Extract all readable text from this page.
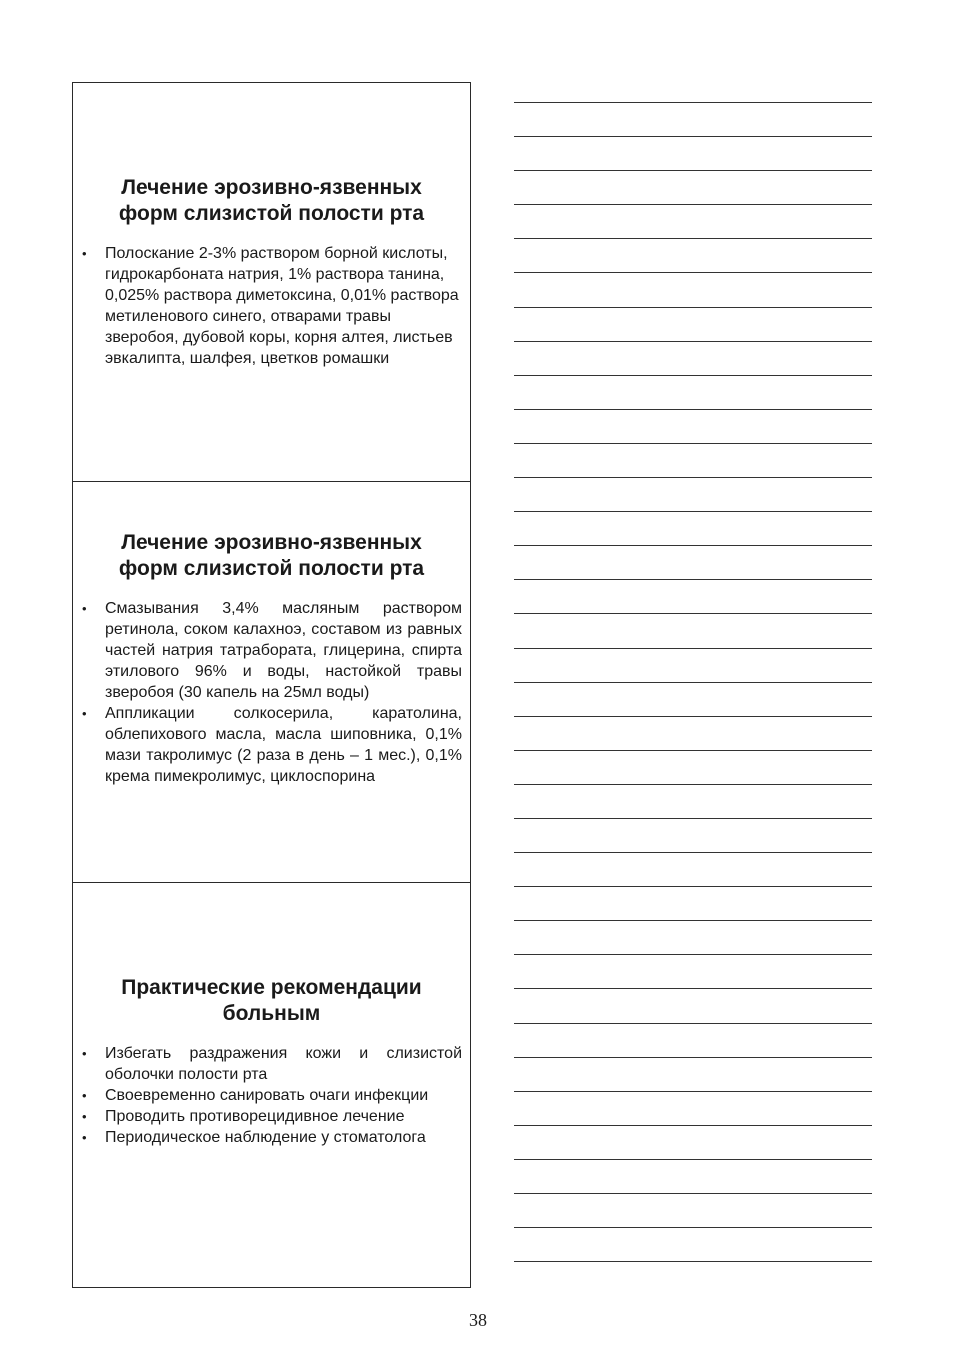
Лечение эрозивно-язвенных
форм слизистой полости рта
• Полоскание 2-3% раствором борной кислоты, гидрокарбоната натрия, 1% раствора танина, 0,025% раствора диметоксина, 0,01% раствора метиленового синего, отварами травы зверобоя, дубовой коры, корня алтея, листьев эвкалипта, шалфея, цветков ромашки
Лечение эрозивно-язвенных
форм слизистой полости рта
• Смазывания 3,4% масляным раствором ретинола, соком калахноэ, составом из равных частей натрия татрабората, глицерина, спирта этилового 96% и воды, настойкой травы зверобоя (30 капель на 25мл воды)
• Аппликации солкосерила, каратолина, облепихового масла, масла шиповника, 0,1% мази такролимус (2 раза в день – 1 мес.), 0,1% крема пимекролимус, циклоспорина
Практические рекомендации
больным
• Избегать раздражения кожи и слизистой оболочки полости рта
• Своевременно санировать очаги инфекции
• Проводить противорецидивное лечение
• Периодическое наблюдение у стоматолога
38
